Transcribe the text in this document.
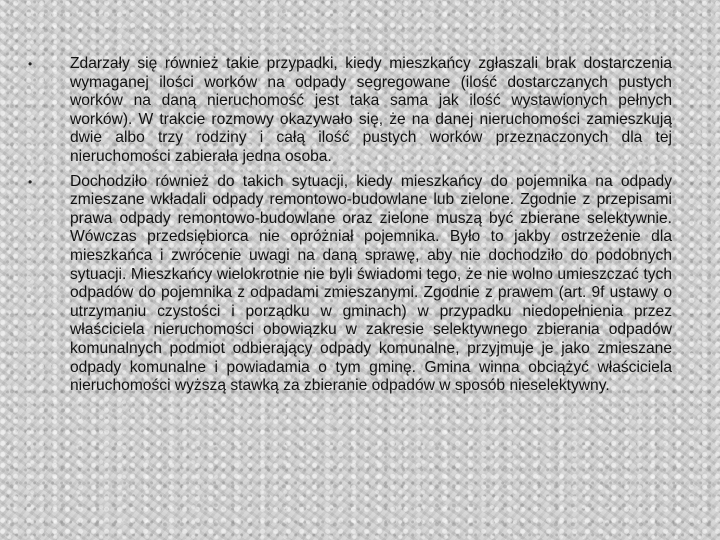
•	Zdarzały się również takie przypadki, kiedy mieszkańcy zgłaszali brak dostarczenia wymaganej ilości worków na odpady segregowane (ilość dostarczanych pustych worków na daną nieruchomość jest taka sama jak ilość wystawionych pełnych worków). W trakcie rozmowy okazywało się, że na danej nieruchomości zamieszkują dwie albo trzy rodziny i całą ilość pustych worków przeznaczonych dla tej nieruchomości zabierała jedna osoba.
•	Dochodziło również do takich sytuacji, kiedy mieszkańcy do pojemnika na odpady zmieszane wkładali odpady remontowo-budowlane lub zielone. Zgodnie z przepisami prawa odpady remontowo-budowlane oraz zielone muszą być zbierane selektywnie. Wówczas przedsiębiorca nie opróżniał pojemnika. Było to jakby ostrzeżenie dla mieszkańca i zwrócenie uwagi na daną sprawę, aby nie dochodziło do podobnych sytuacji. Mieszkańcy wielokrotnie nie byli świadomi tego, że nie wolno umieszczać tych odpadów do pojemnika z odpadami zmieszanymi. Zgodnie z prawem (art. 9f ustawy o utrzymaniu czystości i porządku w gminach) w przypadku niedopełnienia przez właściciela nieruchomości obowiązku w zakresie selektywnego zbierania odpadów komunalnych podmiot odbierający odpady komunalne, przyjmuje je jako zmieszane odpady komunalne i powiadamia o tym gminę. Gmina winna obciążyć właściciela nieruchomości wyższą stawką za zbieranie odpadów w sposób nieselektywny.
